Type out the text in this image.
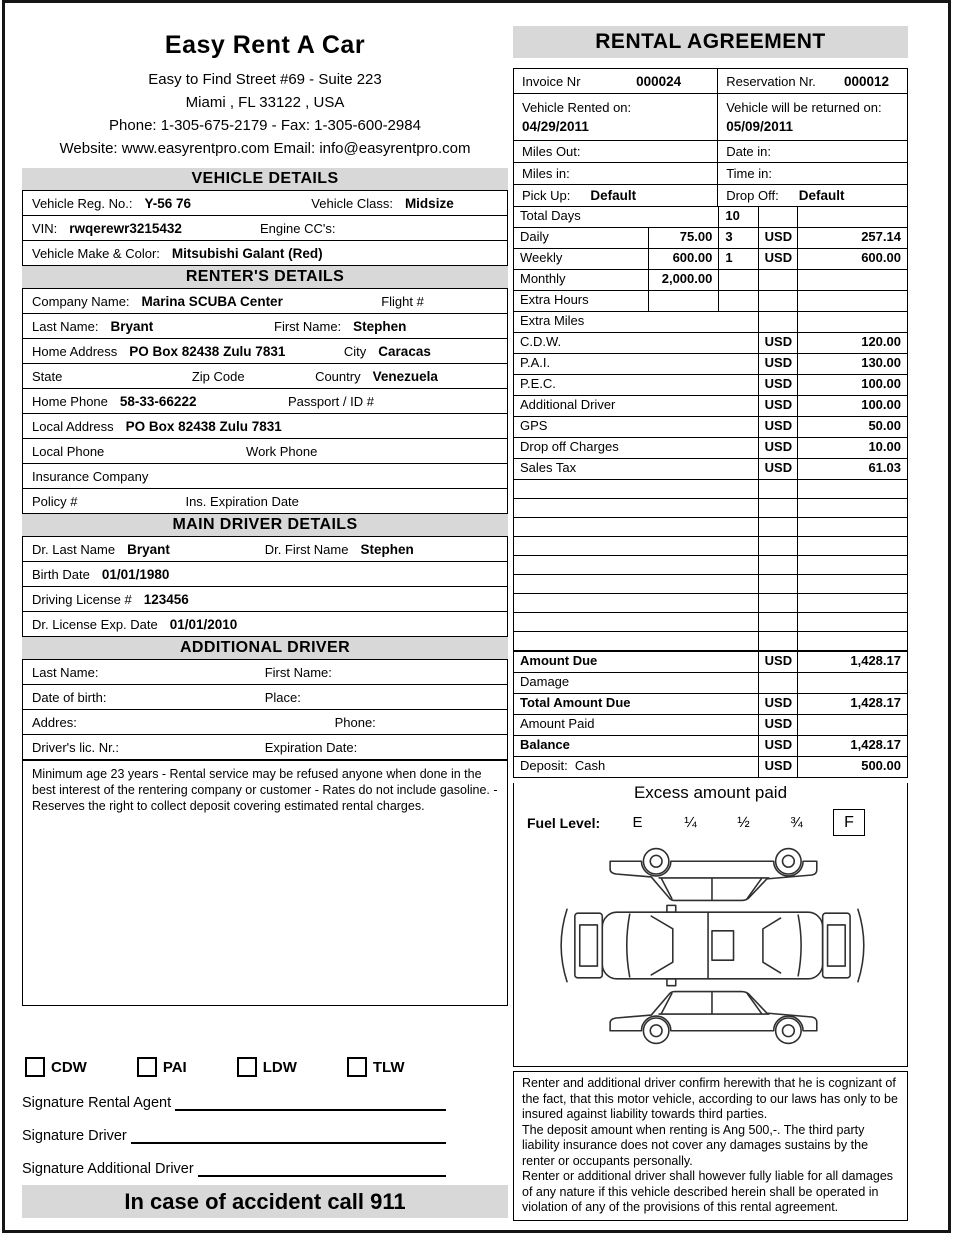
Easy Rent A Car
Easy to Find Street #69 - Suite 223
Miami , FL 33122 , USA
Phone: 1-305-675-2179 - Fax: 1-305-600-2984
Website: www.easyrentpro.com Email: info@easyrentpro.com
VEHICLE DETAILS
Vehicle Reg. No.: Y-56 76	Vehicle Class: Midsize
VIN: rwqerewr3215432	Engine CC's:
Vehicle Make & Color: Mitsubishi Galant (Red)
RENTER'S DETAILS
Company Name: Marina SCUBA Center	Flight #
Last Name: Bryant	First Name: Stephen
Home Address PO Box 82438 Zulu 7831	City Caracas
State	Zip Code	Country Venezuela
Home Phone 58-33-66222	Passport / ID #
Local Address PO Box 82438 Zulu 7831
Local Phone	Work Phone
Insurance Company
Policy #	Ins. Expiration Date
MAIN DRIVER DETAILS
Dr. Last Name Bryant	Dr. First Name Stephen
Birth Date 01/01/1980
Driving License # 123456
Dr. License Exp. Date 01/01/2010
ADDITIONAL DRIVER
Last Name:	First Name:
Date of birth:	Place:
Addres:	Phone:
Driver's lic. Nr.:	Expiration Date:
Minimum age 23 years - Rental service may be refused anyone when done in the best interest of the rentering company or customer - Rates do not include gasoline. - Reserves the right to collect deposit covering estimated rental charges.
CDW	PAI	LDW	TLW
Signature Rental Agent
Signature Driver
Signature Additional Driver
In case of accident call 911
RENTAL AGREEMENT
Invoice Nr	000024	Reservation Nr. 000012
Vehicle Rented on:
04/29/2011
Vehicle will be returned on:
05/09/2011
Miles Out:	Date in:
Miles in:	Time in:
Pick Up: Default	Drop Off: Default
Total Days	10
Daily	75.00	3	USD	257.14
Weekly	600.00	1	USD	600.00
Monthly	2,000.00
Extra Hours
Extra Miles
C.D.W.	USD	120.00
P.A.I.	USD	130.00
P.E.C.	USD	100.00
Additional Driver	USD	100.00
GPS	USD	50.00
Drop off Charges	USD	10.00
Sales Tax	USD	61.03
Amount Due	USD	1,428.17
Damage
Total Amount Due	USD	1,428.17
Amount Paid	USD
Balance	USD	1,428.17
Deposit:  Cash	USD	500.00
Excess amount paid
Fuel Level:	E	¼	½	¾	F
Renter and additional driver confirm herewith that he is cognizant of the fact, that this motor vehicle, according to our laws has only to be insured against liability towards third parties.
The deposit amount when renting is Ang 500,-. The third party liability insurance does not cover any damages sustains by the renter or occupants personally.
Renter or additional driver shall however fully liable for all damages of any nature if this vehicle described herein shall be operated in violation of any of the provisions of this rental agreement.
